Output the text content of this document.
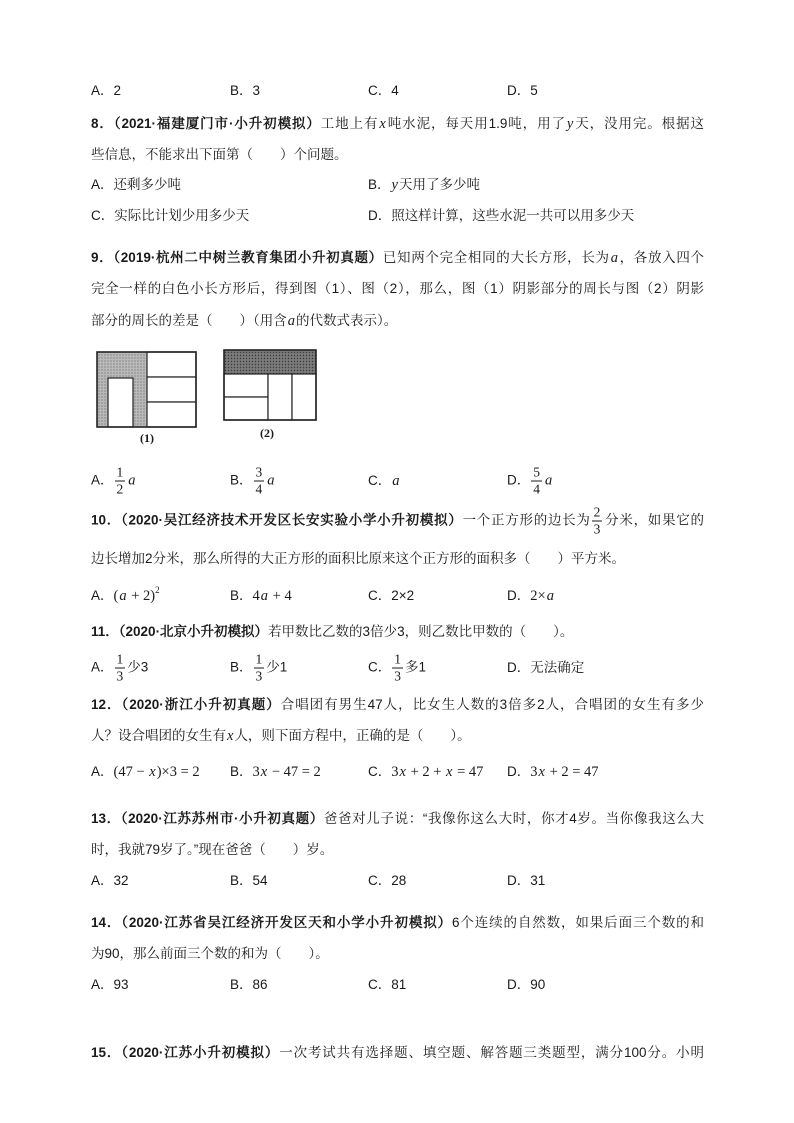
A．2	B．3	C．4	D．5
8．（2021·福建厦门市·小升初模拟）工地上有x吨水泥，每天用1.9吨，用了y天，没用完。根据这
些信息，不能求出下面第（　　）个问题。
A．还剩多少吨	B．y天用了多少吨
C．实际比计划少用多少天	D．照这样计算，这些水泥一共可以用多少天
9．（2019·杭州二中树兰教育集团小升初真题）已知两个完全相同的大长方形，长为a，各放入四个
完全一样的白色小长方形后，得到图（1）、图（2），那么，图（1）阴影部分的周长与图（2）阴影
部分的周长的差是（　　）（用含a的代数式表示）。
(1)	(2)
A． $\frac{1}{2}$ a	B． $\frac{3}{4}$ a	C．a	D． $\frac{5}{4}$ a
10．（2020·吴江经济技术开发区长安实验小学小升初模拟）一个正方形的边长为 $\frac{2}{3}$ 分米，如果它的
边长增加2分米，那么所得的大正方形的面积比原来这个正方形的面积多（　　）平方米。
A．$(a + 2)^2$	B．4a + 4	C．2×2	D．2×a
11．（2020·北京小升初模拟）若甲数比乙数的3倍少3，则乙数比甲数的（　　）。
A． $\frac{1}{3}$ 少3	B． $\frac{1}{3}$ 少1	C． $\frac{1}{3}$ 多1	D．无法确定
12．（2020·浙江小升初真题）合唱团有男生47人，比女生人数的3倍多2人，合唱团的女生有多少
人？设合唱团的女生有x人，则下面方程中，正确的是（　　）。
A．(47 − x)×3 = 2 B．3x − 47 = 2	C．3x + 2 + x = 47 D．3x + 2 = 47
13．（2020·江苏苏州市·小升初真题）爸爸对儿子说：“我像你这么大时，你才4岁。当你像我这么大
时，我就79岁了。”现在爸爸（　　）岁。
A．32	B．54	C．28	D．31
14．（2020·江苏省吴江经济开发区天和小学小升初模拟）6个连续的自然数，如果后面三个数的和
为90，那么前面三个数的和为（　　）。
A．93	B．86	C．81	D．90
15．（2020·江苏小升初模拟）一次考试共有选择题、填空题、解答题三类题型，满分100分。小明
